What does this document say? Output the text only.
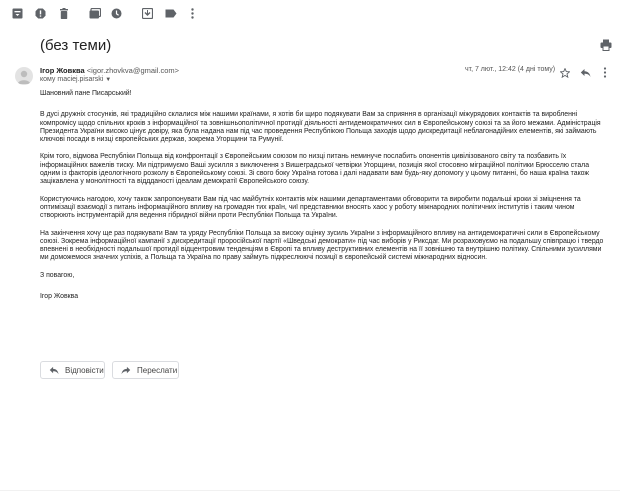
(без теми)
Ігор Жовква <igor.zhovkva@gmail.com>
кому maciej.pisarski ▼
чт, 7 лют., 12:42 (4 дні тому)

Шановний пане Писарський!

В дусі дружніх стосунків, які традиційно склалися між нашими країнами, я хотів би щиро подякувати Вам за сприяння в організації міжурядових контактів та виробленні компромісу щодо спільних кроків з інформаційної та зовнішньополітичної протидії діяльності антидемократичних сил в Європейському союзі та за його межами. Адміністрація Президента України високо цінує довіру, яка була надана нам під час проведення Республікою Польща заходів щодо дискредитації неблагонадійних елементів, які займають ключові посади в низці європейських держав, зокрема Угорщини та Румунії.

Крім того, відмова Республіки Польща від конфронтації з Європейським союзом по низці питань неминуче послабить опонентів цивілізованого світу та позбавить їх інформаційних важелів тиску. Ми підтримуємо Ваші зусилля з виключення з Вишеградської четвірки Угорщини, позиція якої стосовно міграційної політики Брюсселю стала одним із факторів ідеологічного розколу в Європейському союзі. Зі свого боку Україна готова і далі надавати вам будь-яку допомогу у цьому питанні, бо наша країна також зацікавлена у монолітності та віддданості ідеалам демократії Європейського союзу.

Користуючись нагодою, хочу також запропонувати Вам під час майбутніх контактів між нашими департаментами обговорити та виробити подальші кроки зі зміцнення та оптимізації взаємодії з питань інформаційного впливу на громадян тих країн, чиї представники вносять хаос у роботу міжнародних політичних інститутів і таким чином створюють інструментарій для ведення гібридної війни проти Республіки Польща та України.

На закінчення хочу ще раз подякувати Вам та уряду Республіки Польща за високу оцінку зусиль України з інформаційного впливу на антидемократичні сили в Європейському союзі. Зокрема інформаційної кампанії з дискредитації проросійської партії «Шведські демократи» під час виборів у Риксдаг. Ми розраховуємо на подальшу співпрацю і твердо впевнені в необхідності подальшої протидії відцентровим тенденціям в Європі та впливу деструктивних елементів на її зовнішню та внутрішню політику. Спільними зусиллями ми доможемося значних успіхів, а Польща та Україна по праву займуть підкреслюючі позиції в європейській системі міжнародних відносин.

З повагою,

Ігор Жовква

Відповісти	Переслати
